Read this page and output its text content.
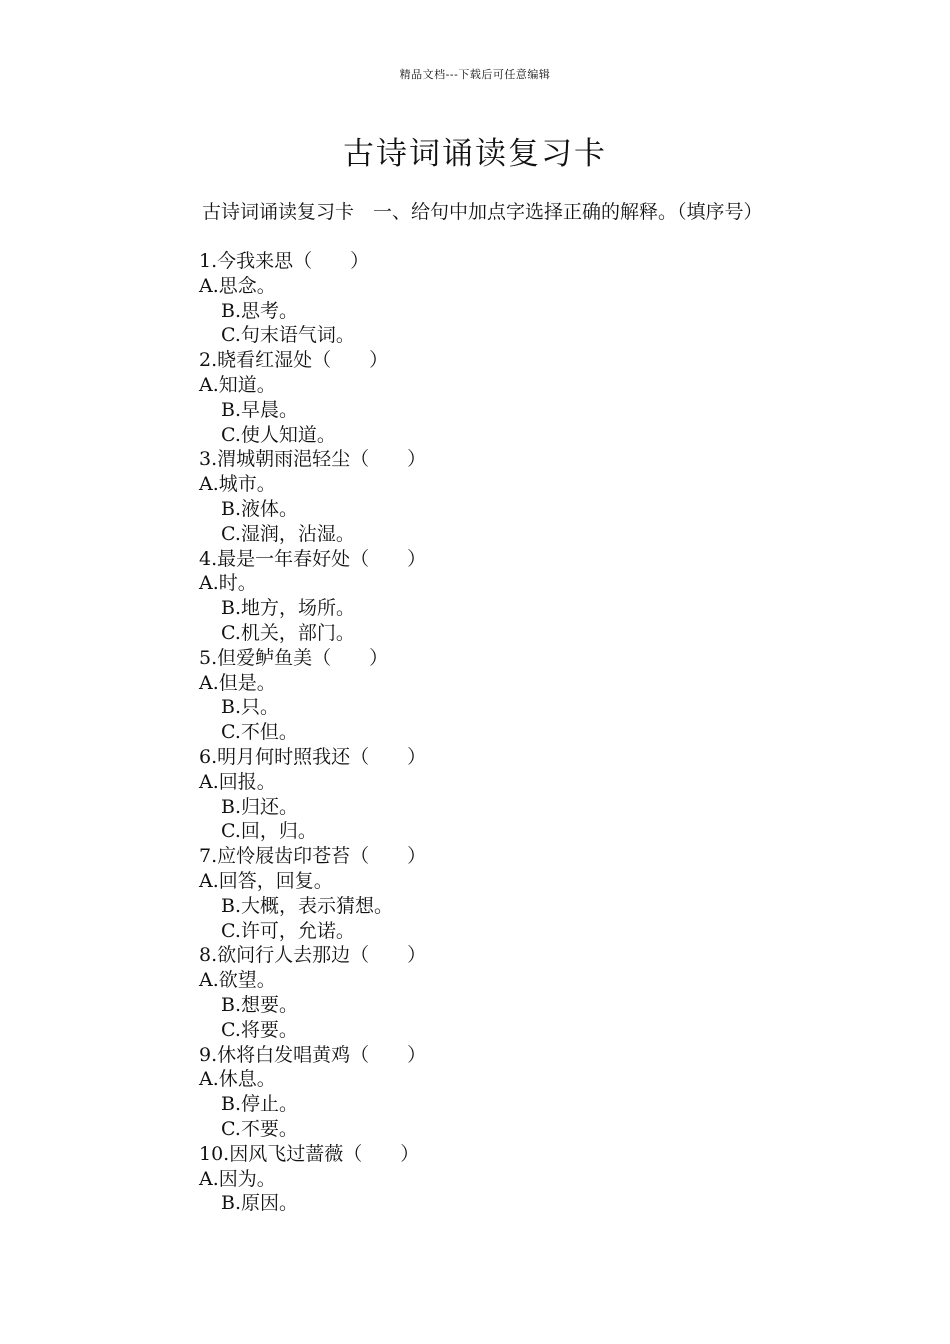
精品文档---下载后可任意编辑
古诗词诵读复习卡

古诗词诵读复习卡　一、给句中加点字选择正确的解释。（填序号）

1.今我来思（　　）
A.思念。
B.思考。
C.句末语气词。
2.晓看红湿处（　　）
A.知道。
B.早晨。
C.使人知道。
3.渭城朝雨浥轻尘（　　）
A.城市。
B.液体。
C.湿润，沾湿。
4.最是一年春好处（　　）
A.时。
B.地方，场所。
C.机关，部门。
5.但爱鲈鱼美（　　）
A.但是。
B.只。
C.不但。
6.明月何时照我还（　　）
A.回报。
B.归还。
C.回，归。
7.应怜屐齿印苍苔（　　）
A.回答，回复。
B.大概，表示猜想。
C.许可，允诺。
8.欲问行人去那边（　　）
A.欲望。
B.想要。
C.将要。
9.休将白发唱黄鸡（　　）
A.休息。
B.停止。
C.不要。
10.因风飞过蔷薇（　　）
A.因为。
B.原因。
